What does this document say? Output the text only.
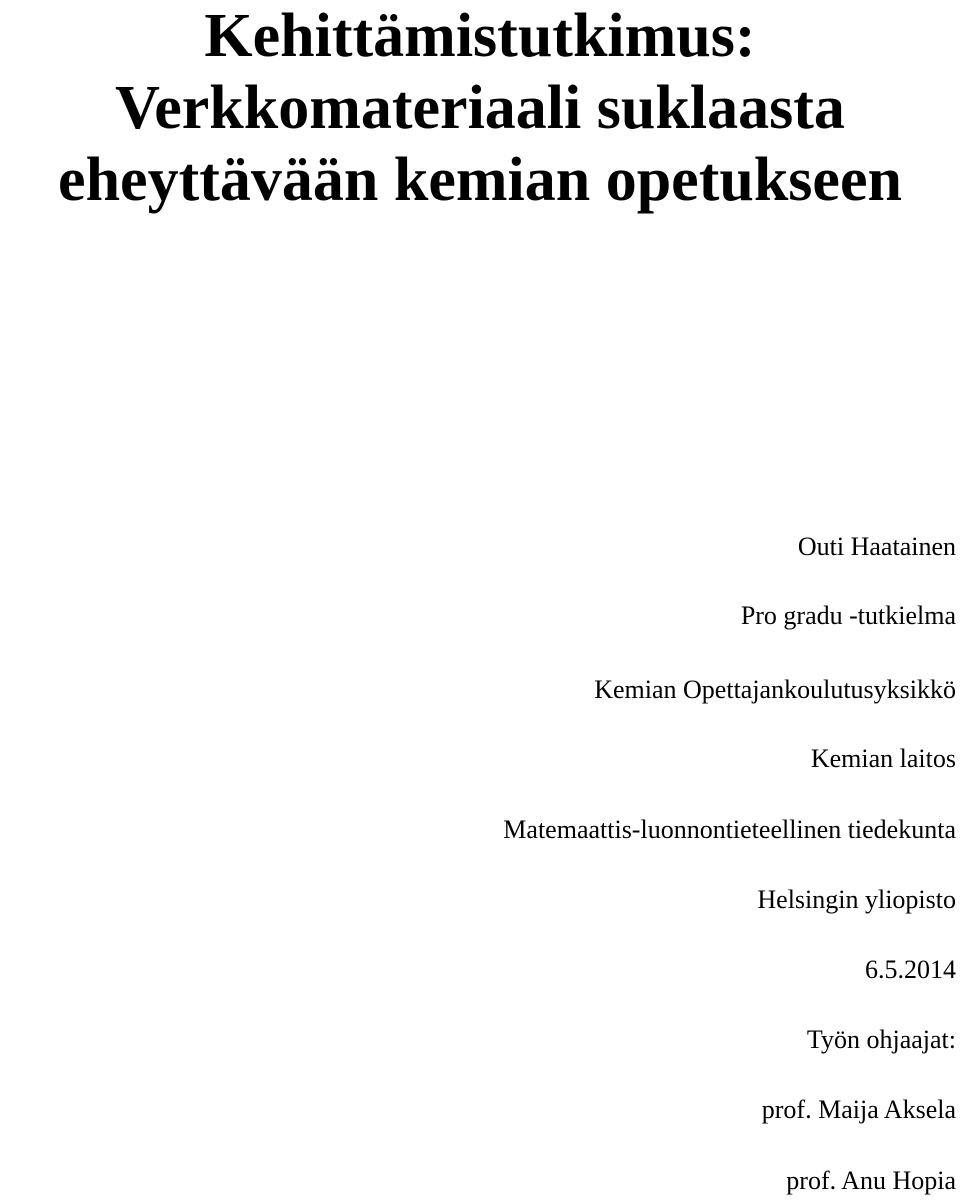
Kehittämistutkimus:
Verkkomateriaali suklaasta
eheyttävään kemian opetukseen
Outi Haatainen
Pro gradu -tutkielma
Kemian Opettajankoulutusyksikkö
Kemian laitos
Matemaattis-luonnontieteellinen tiedekunta
Helsingin yliopisto
6.5.2014
Työn ohjaajat:
prof. Maija Aksela
prof. Anu Hopia
